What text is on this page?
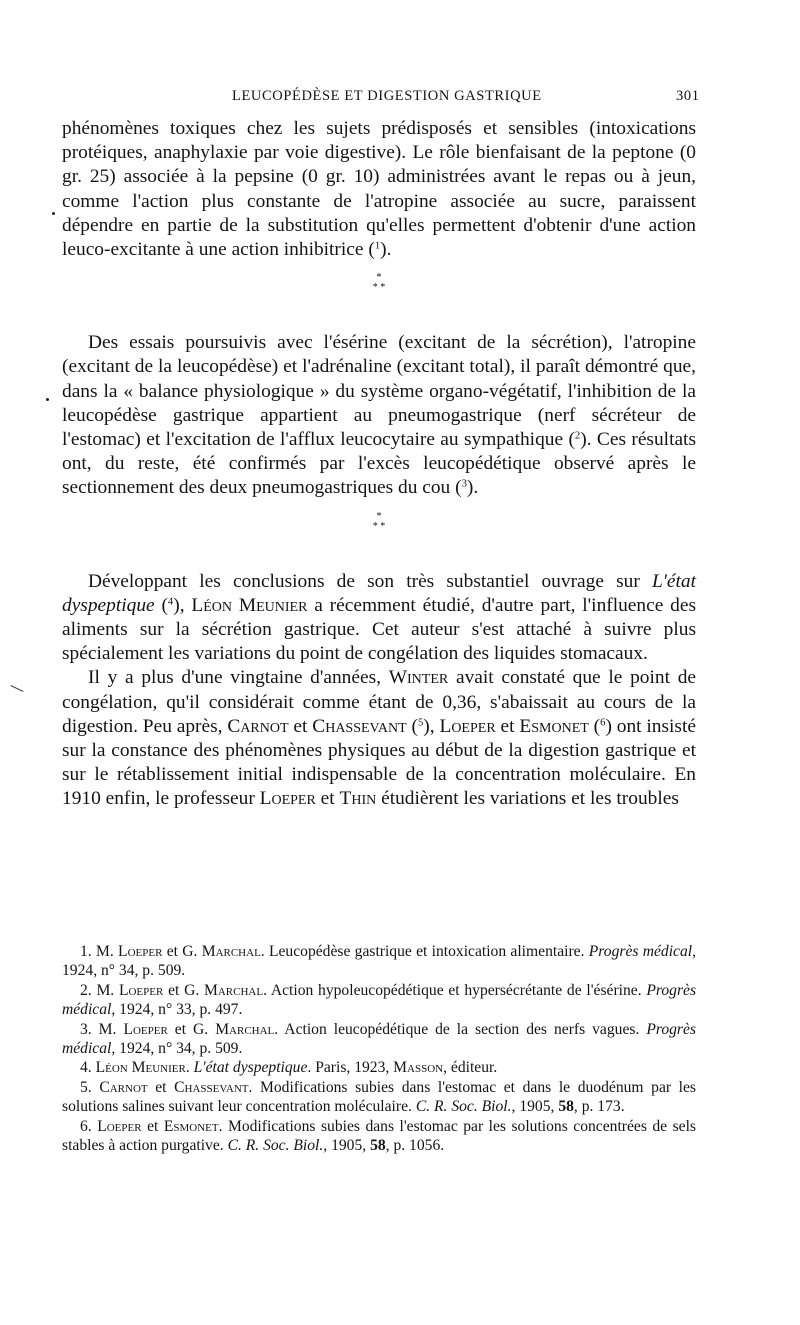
LEUCOPÉDÈSE ET DIGESTION GASTRIQUE	301

phénomènes toxiques chez les sujets prédisposés et sensibles (intoxications protéiques, anaphylaxie par voie digestive). Le rôle bienfaisant de la peptone (0 gr. 25) associée à la pepsine (0 gr. 10) administrées avant le repas ou à jeun, comme l'action plus constante de l'atropine associée au sucre, paraissent dépendre en partie de la substitution qu'elles permettent d'obtenir d'une action leuco-excitante à une action inhibitrice ($^1$).

*
* *

Des essais poursuivis avec l'ésérine (excitant de la sécrétion), l'atropine (excitant de la leucopédèse) et l'adrénaline (excitant total), il paraît démontré que, dans la « balance physiologique » du système organo-végétatif, l'inhibition de la leucopédèse gastrique appartient au pneumogastrique (nerf sécréteur de l'estomac) et l'excitation de l'afflux leucocytaire au sympathique ($^2$). Ces résultats ont, du reste, été confirmés par l'excès leucopédétique observé après le sectionnement des deux pneumogastriques du cou ($^3$).

*
* *

Développant les conclusions de son très substantiel ouvrage sur L'état dyspeptique ($^4$), Léon Meunier a récemment étudié, d'autre part, l'influence des aliments sur la sécrétion gastrique. Cet auteur s'est attaché à suivre plus spécialement les variations du point de congélation des liquides stomacaux.

Il y a plus d'une vingtaine d'années, Winter avait constaté que le point de congélation, qu'il considérait comme étant de 0,36, s'abaissait au cours de la digestion. Peu après, Carnot et Chassevant ($^5$), Loeper et Esmonet ($^6$) ont insisté sur la constance des phénomènes physiques au début de la digestion gastrique et sur le rétablissement initial indispensable de la concentration moléculaire. En 1910 enfin, le professeur Loeper et Thin étudièrent les variations et les troubles

1. M. Loeper et G. Marchal. Leucopédèse gastrique et intoxication alimentaire. Progrès médical, 1924, n° 34, p. 509.

2. M. Loeper et G. Marchal. Action hypoleucopédétique et hypersécrétante de l'ésérine. Progrès médical, 1924, n° 33, p. 497.

3. M. Loeper et G. Marchal. Action leucopédétique de la section des nerfs vagues. Progrès médical, 1924, n° 34, p. 509.

4. Léon Meunier. L'état dyspeptique. Paris, 1923, Masson, éditeur.

5. Carnot et Chassevant. Modifications subies dans l'estomac et dans le duodénum par les solutions salines suivant leur concentration moléculaire. C. R. Soc. Biol., 1905, 58, p. 173.

6. Loeper et Esmonet. Modifications subies dans l'estomac par les solutions concentrées de sels stables à action purgative. C. R. Soc. Biol., 1905, 58, p. 1056.
